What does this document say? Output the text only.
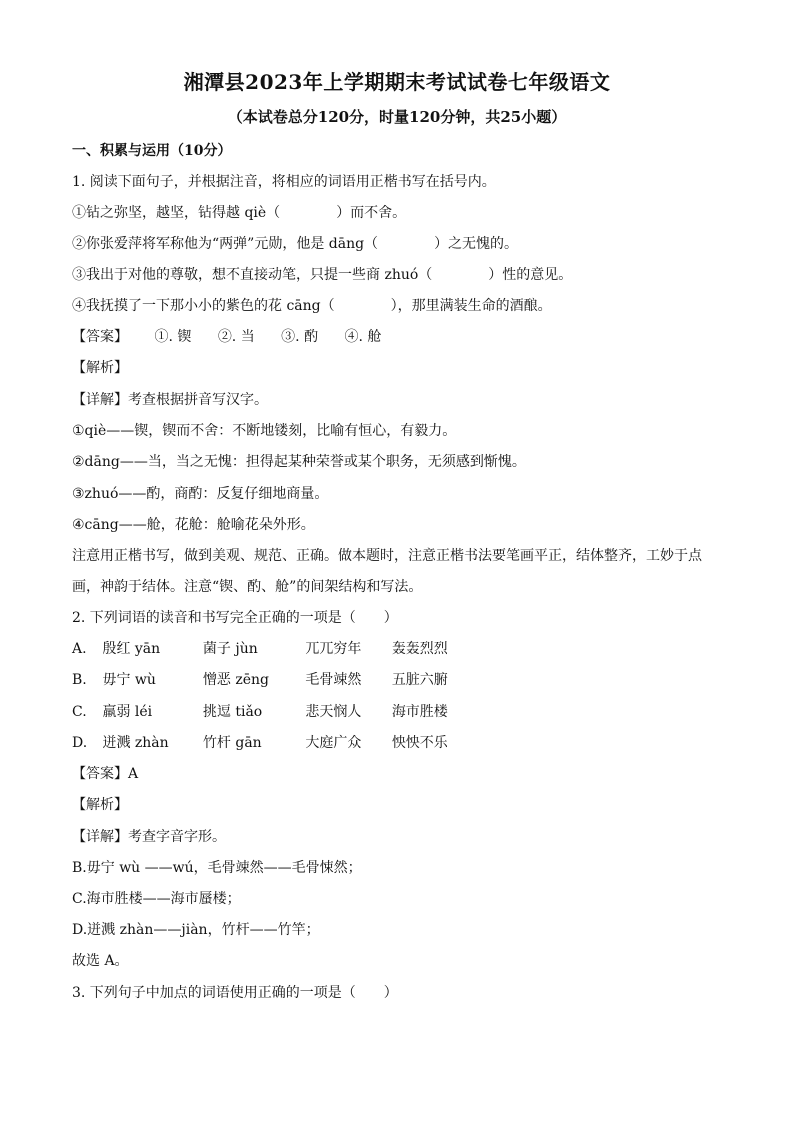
湘潭县2023年上学期期末考试试卷七年级语文
（本试卷总分120分，时量120分钟，共25小题）
一、积累与运用（10分）
1. 阅读下面句子，并根据注音，将相应的词语用正楷书写在括号内。
①钻之弥坚，越坚，钻得越 qiè（	）而不舍。
②你张爱萍将军称他为“两弹”元勋，他是 dāng（	）之无愧的。
③我出于对他的尊敬，想不直接动笔，只提一些商 zhuó（	）性的意见。
④我抚摸了一下那小小的紫色的花 cāng（	），那里满装生命的酒酿。
【答案】 ①. 锲 ②. 当 ③. 酌 ④. 舱
【解析】
【详解】考查根据拼音写汉字。
①qiè——锲，锲而不舍：不断地镂刻，比喻有恒心，有毅力。
②dāng——当，当之无愧：担得起某种荣誉或某个职务，无须感到惭愧。
③zhuó——酌，商酌：反复仔细地商量。
④cāng——舱，花舱：舱喻花朵外形。
注意用正楷书写，做到美观、规范、正确。做本题时，注意正楷书法要笔画平正，结体整齐，工妙于点
画，神韵于结体。注意“锲、酌、舱”的间架结构和写法。
2. 下列词语的读音和书写完全正确的一项是（　　）
A. 殷红 yān	菌子 jùn	兀兀穷年 轰轰烈烈
B. 毋宁 wù	憎恶 zēng	毛骨竦然 五脏六腑
C. 羸弱 léi	挑逗 tiǎo	悲天悯人 海市胜楼
D. 迸溅 zhàn 竹杆 gān	大庭广众 怏怏不乐
【答案】A
【解析】
【详解】考查字音字形。
B.毋宁 wù ——wú，毛骨竦然——毛骨悚然；
C.海市胜楼——海市蜃楼；
D.迸溅 zhàn——jiàn，竹杆——竹竿；
故选 A。
3. 下列句子中加点的词语使用正确的一项是（　　）
